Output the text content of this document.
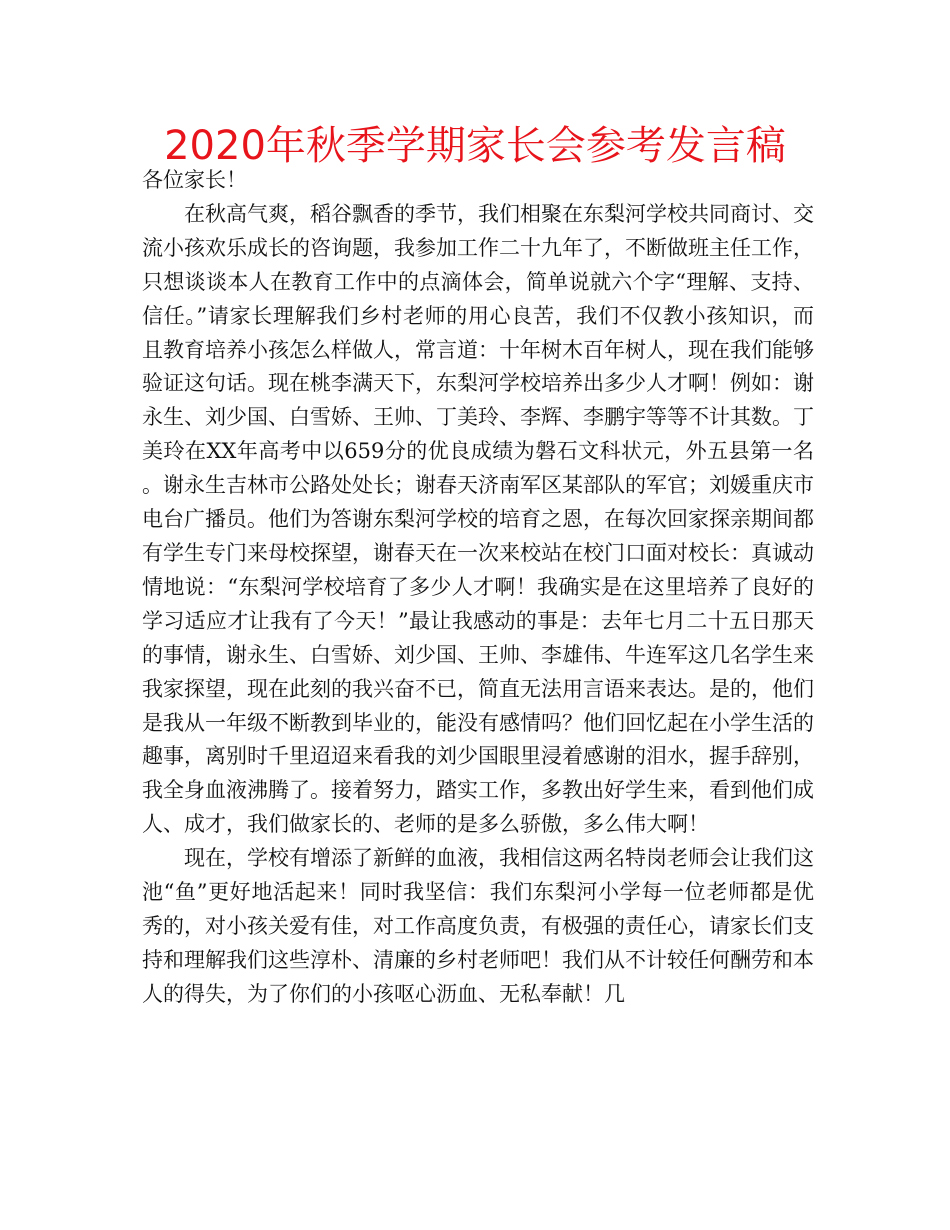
2020年秋季学期家长会参考发言稿

各位家长！

在秋高气爽，稻谷飘香的季节，我们相聚在东梨河学校共同商讨、交流小孩欢乐成长的咨询题，我参加工作二十九年了，不断做班主任工作，只想谈谈本人在教育工作中的点滴体会，简单说就六个字“理解、支持、信任。”请家长理解我们乡村老师的用心良苦，我们不仅教小孩知识，而且教育培养小孩怎么样做人，常言道：十年树木百年树人，现在我们能够验证这句话。现在桃李满天下，东梨河学校培养出多少人才啊！例如：谢永生、刘少国、白雪娇、王帅、丁美玲、李辉、李鹏宇等等不计其数。丁美玲在XX年高考中以659分的优良成绩为磐石文科状元，外五县第一名。谢永生吉林市公路处处长；谢春天济南军区某部队的军官；刘媛重庆市电台广播员。他们为答谢东梨河学校的培育之恩，在每次回家探亲期间都有学生专门来母校探望，谢春天在一次来校站在校门口面对校长：真诚动情地说：“东梨河学校培育了多少人才啊！我确实是在这里培养了良好的学习适应才让我有了今天！”最让我感动的事是：去年七月二十五日那天的事情，谢永生、白雪娇、刘少国、王帅、李雄伟、牛连军这几名学生来我家探望，现在此刻的我兴奋不已，简直无法用言语来表达。是的，他们是我从一年级不断教到毕业的，能没有感情吗？他们回忆起在小学生活的趣事，离别时千里迢迢来看我的刘少国眼里浸着感谢的泪水，握手辞别，我全身血液沸腾了。接着努力，踏实工作，多教出好学生来，看到他们成人、成才，我们做家长的、老师的是多么骄傲，多么伟大啊！

现在，学校有增添了新鲜的血液，我相信这两名特岗老师会让我们这池“鱼”更好地活起来！同时我坚信：我们东梨河小学每一位老师都是优秀的，对小孩关爱有佳，对工作高度负责，有极强的责任心，请家长们支持和理解我们这些淳朴、清廉的乡村老师吧！我们从不计较任何酬劳和本人的得失，为了你们的小孩呕心沥血、无私奉献！几
